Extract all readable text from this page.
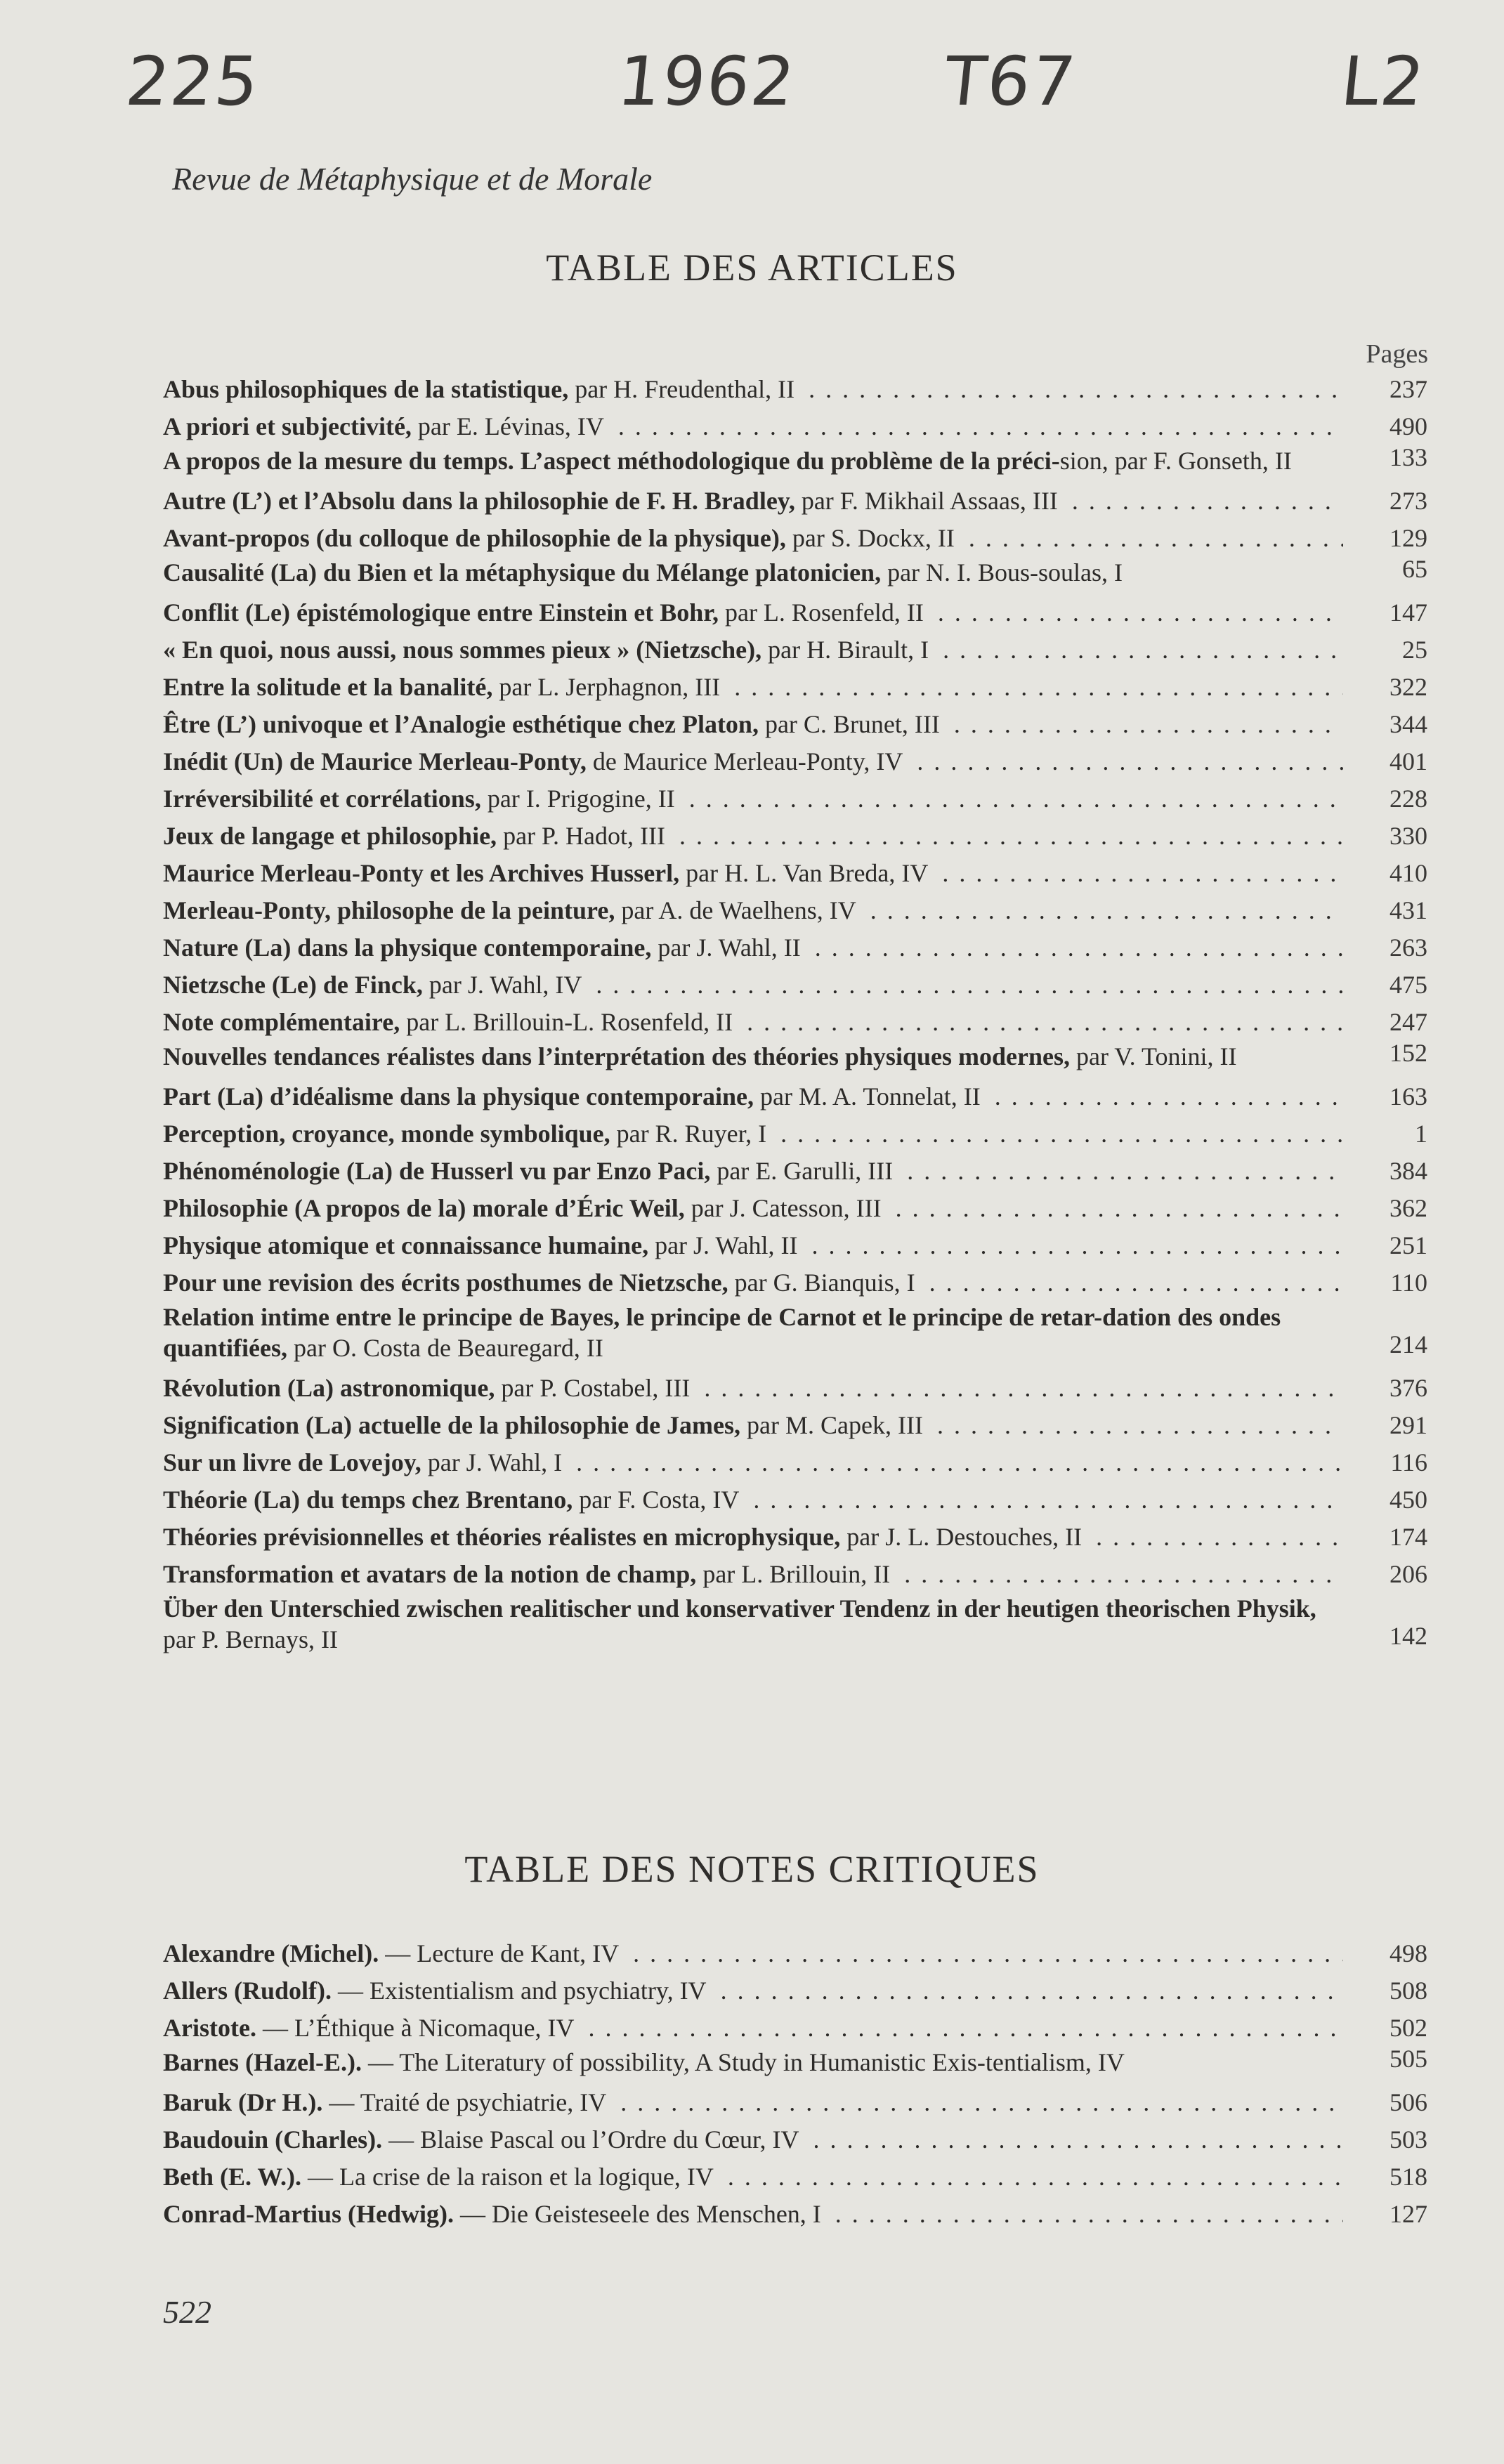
225	1962 T67	L2
Revue de Métaphysique et de Morale
TABLE DES ARTICLES
Pages
Abus philosophiques de la statistique, par H. Freudenthal, II . . .	237
A priori et subjectivité, par E. Lévinas, IV . . .	490
A propos de la mesure du temps. L’aspect méthodologique du problème de la préci-sion, par F. Gonseth, II	133
Autre (L’) et l’Absolu dans la philosophie de F. H. Bradley, par F. Mikhail Assaas, III . . .	273
Avant-propos (du colloque de philosophie de la physique), par S. Dockx, II . . .	129
Causalité (La) du Bien et la métaphysique du Mélange platonicien, par N. I. Bous-soulas, I	65
Conflit (Le) épistémologique entre Einstein et Bohr, par L. Rosenfeld, II . . .	147
« En quoi, nous aussi, nous sommes pieux » (Nietzsche), par H. Birault, I . . .	25
Entre la solitude et la banalité, par L. Jerphagnon, III . . .	322
Être (L’) univoque et l’Analogie esthétique chez Platon, par C. Brunet, III . . .	344
Inédit (Un) de Maurice Merleau-Ponty, de Maurice Merleau-Ponty, IV . . .	401
Irréversibilité et corrélations, par I. Prigogine, II . . .	228
Jeux de langage et philosophie, par P. Hadot, III . . .	330
Maurice Merleau-Ponty et les Archives Husserl, par H. L. Van Breda, IV . . .	410
Merleau-Ponty, philosophe de la peinture, par A. de Waelhens, IV . . .	431
Nature (La) dans la physique contemporaine, par J. Wahl, II . . .	263
Nietzsche (Le) de Finck, par J. Wahl, IV . . .	475
Note complémentaire, par L. Brillouin-L. Rosenfeld, II . . .	247
Nouvelles tendances réalistes dans l’interprétation des théories physiques modernes, par V. Tonini, II	152
Part (La) d’idéalisme dans la physique contemporaine, par M. A. Tonnelat, II . . .	163
Perception, croyance, monde symbolique, par R. Ruyer, I . . .	1
Phénoménologie (La) de Husserl vu par Enzo Paci, par E. Garulli, III . . .	384
Philosophie (A propos de la) morale d’Éric Weil, par J. Catesson, III . . .	362
Physique atomique et connaissance humaine, par J. Wahl, II . . .	251
Pour une revision des écrits posthumes de Nietzsche, par G. Bianquis, I . . .	110
Relation intime entre le principe de Bayes, le principe de Carnot et le principe de retar-dation des ondes quantifiées, par O. Costa de Beauregard, II	214
Révolution (La) astronomique, par P. Costabel, III . . .	376
Signification (La) actuelle de la philosophie de James, par M. Capek, III . . .	291
Sur un livre de Lovejoy, par J. Wahl, I . . .	116
Théorie (La) du temps chez Brentano, par F. Costa, IV . . .	450
Théories prévisionnelles et théories réalistes en microphysique, par J. L. Destouches, II . . .	174
Transformation et avatars de la notion de champ, par L. Brillouin, II . . .	206
Über den Unterschied zwischen realitischer und konservativer Tendenz in der heutigen theorischen Physik, par P. Bernays, II	142
TABLE DES NOTES CRITIQUES
Alexandre (Michel). — Lecture de Kant, IV . . .	498
Allers (Rudolf). — Existentialism and psychiatry, IV . . .	508
Aristote. — L’Éthique à Nicomaque, IV . . .	502
Barnes (Hazel-E.). — The Literatury of possibility, A Study in Humanistic Exis-tentialism, IV	505
Baruk (Dr H.). — Traité de psychiatrie, IV . . .	506
Baudouin (Charles). — Blaise Pascal ou l’Ordre du Cœur, IV . . .	503
Beth (E. W.). — La crise de la raison et la logique, IV . . .	518
Conrad-Martius (Hedwig). — Die Geisteseele des Menschen, I . . .	127
522
